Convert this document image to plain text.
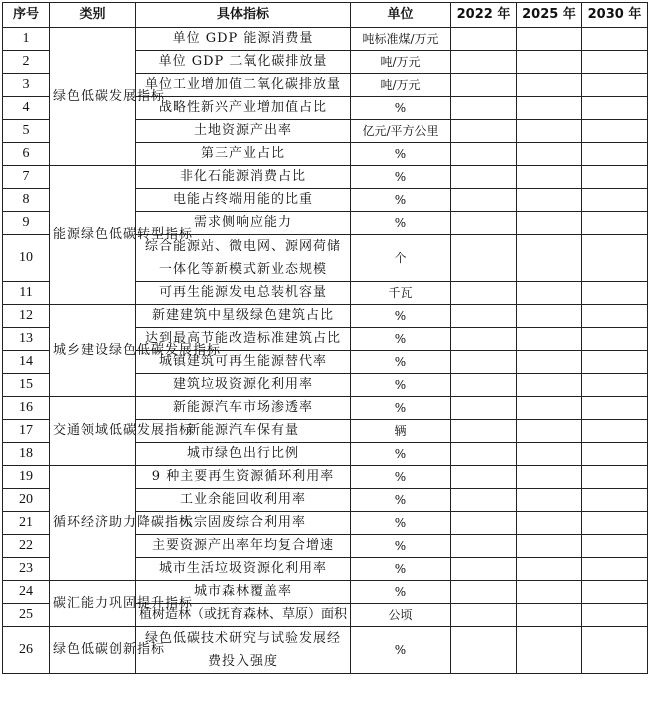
序号	类别	具体指标	单位	2022 年	2025 年	2030 年
1	绿色低碳发展指标	单位 GDP 能源消费量	吨标准煤/万元			
2		单位 GDP 二氧化碳排放量	吨/万元			
3		单位工业增加值二氧化碳排放量	吨/万元			
4		战略性新兴产业增加值占比	%			
5		土地资源产出率	亿元/平方公里			
6		第三产业占比	%			
7	能源绿色低碳转型指标	非化石能源消费占比	%			
8		电能占终端用能的比重	%			
9		需求侧响应能力	%			
10		综合能源站、微电网、源网荷储一体化等新模式新业态规模	个			
11		可再生能源发电总装机容量	千瓦			
12	城乡建设绿色低碳发展指标	新建建筑中星级绿色建筑占比	%			
13		达到最高节能改造标准建筑占比	%			
14		城镇建筑可再生能源替代率	%			
15		建筑垃圾资源化利用率	%			
16	交通领域低碳发展指标	新能源汽车市场渗透率	%			
17		新能源汽车保有量	辆			
18		城市绿色出行比例	%			
19	循环经济助力降碳指标	9 种主要再生资源循环利用率	%			
20		工业余能回收利用率	%			
21		大宗固废综合利用率	%			
22		主要资源产出率年均复合增速	%			
23		城市生活垃圾资源化利用率	%			
24	碳汇能力巩固提升指标	城市森林覆盖率	%			
25		植树造林（或抚育森林、草原）面积	公顷			
26	绿色低碳创新指标	绿色低碳技术研究与试验发展经费投入强度	%			
